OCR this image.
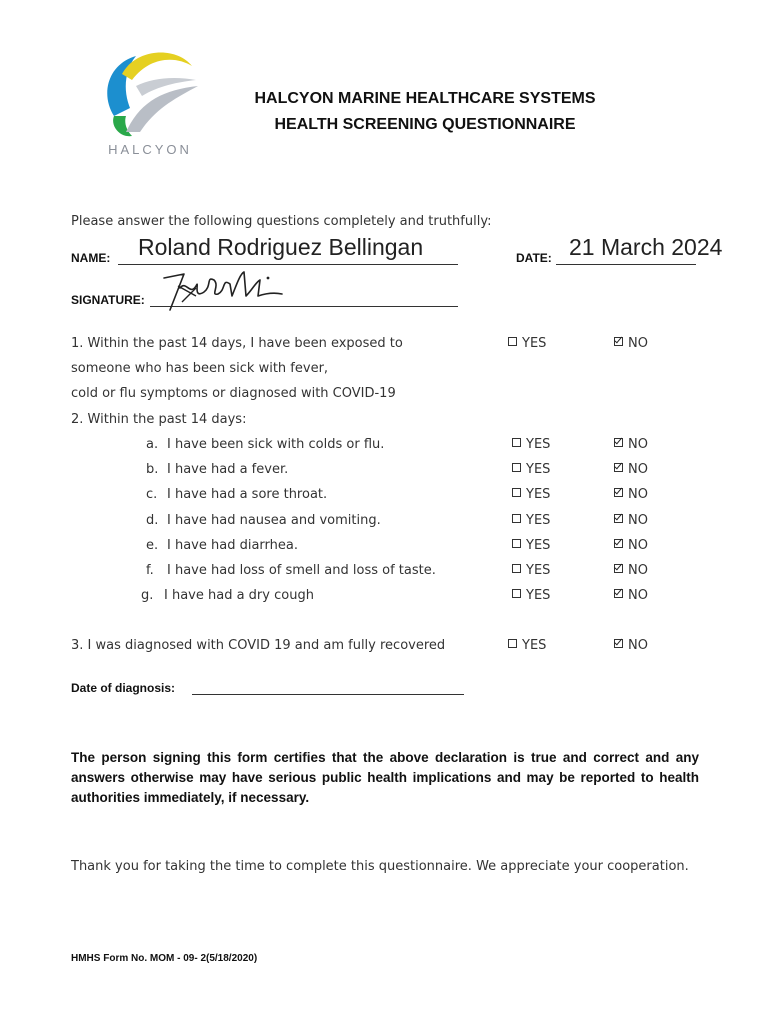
HALCYON
HALCYON MARINE HEALTHCARE SYSTEMS
HEALTH SCREENING QUESTIONNAIRE
Please answer the following questions completely and truthfully:
NAME: Roland Rodriguez Bellingan	DATE: 21 March 2024
SIGNATURE:
1. Within the past 14 days, I have been exposed to
someone who has been sick with fever,
cold or flu symptoms or diagnosed with COVID-19
YES	NO
2. Within the past 14 days:
a. I have been sick with colds or flu.	YES	NO
b. I have had a fever.	YES	NO
c. I have had a sore throat.	YES	NO
d. I have had nausea and vomiting.	YES	NO
e. I have had diarrhea.	YES	NO
f. I have had loss of smell and loss of taste.	YES	NO
g. I have had a dry cough	YES	NO
3. I was diagnosed with COVID 19 and am fully recovered	YES	NO
Date of diagnosis:
The person signing this form certifies that the above declaration is true and correct and any answers otherwise may have serious public health implications and may be reported to health authorities immediately, if necessary.
Thank you for taking the time to complete this questionnaire. We appreciate your cooperation.
HMHS Form No. MOM - 09- 2(5/18/2020)
